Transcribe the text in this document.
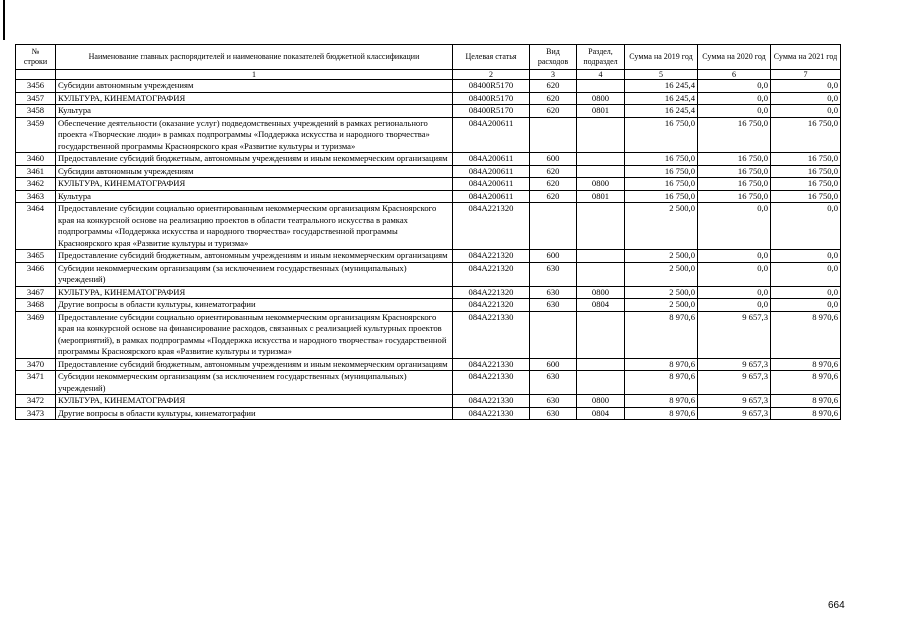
№
строки	Наименование главных распорядителей и наименование показателей бюджетной классификации	Целевая статья	Вид расходов	Раздел, подраздел	Сумма на 2019 год	Сумма на 2020 год	Сумма на 2021 год
	1	2	3	4	5	6	7
3456	Субсидии автономным учреждениям	08400R5170	620		16 245,4	0,0	0,0
3457	КУЛЬТУРА, КИНЕМАТОГРАФИЯ	08400R5170	620	0800	16 245,4	0,0	0,0
3458	Культура	08400R5170	620	0801	16 245,4	0,0	0,0
3459	Обеспечение деятельности (оказание услуг) подведомственных учреждений в рамках регионального проекта «Творческие люди» в рамках подпрограммы «Поддержка искусства и народного творчества» государственной программы Красноярского края «Развитие культуры и туризма»	084A200611			16 750,0	16 750,0	16 750,0
3460	Предоставление субсидий бюджетным, автономным учреждениям и иным некоммерческим организациям	084A200611	600		16 750,0	16 750,0	16 750,0
3461	Субсидии автономным учреждениям	084A200611	620		16 750,0	16 750,0	16 750,0
3462	КУЛЬТУРА, КИНЕМАТОГРАФИЯ	084A200611	620	0800	16 750,0	16 750,0	16 750,0
3463	Культура	084A200611	620	0801	16 750,0	16 750,0	16 750,0
3464	Предоставление субсидии социально ориентированным некоммерческим организациям Красноярского края на конкурсной основе на реализацию проектов в области театрального искусства в рамках подпрограммы «Поддержка искусства и народного творчества» государственной программы Красноярского края «Развитие культуры и туризма»	084A221320			2 500,0	0,0	0,0
3465	Предоставление субсидий бюджетным, автономным учреждениям и иным некоммерческим организациям	084A221320	600		2 500,0	0,0	0,0
3466	Субсидии некоммерческим организациям (за исключением государственных (муниципальных) учреждений)	084A221320	630		2 500,0	0,0	0,0
3467	КУЛЬТУРА, КИНЕМАТОГРАФИЯ	084A221320	630	0800	2 500,0	0,0	0,0
3468	Другие вопросы в области культуры, кинематографии	084A221320	630	0804	2 500,0	0,0	0,0
3469	Предоставление субсидии социально ориентированным некоммерческим организациям Красноярского края на конкурсной основе на финансирование расходов, связанных с реализацией культурных проектов (мероприятий), в рамках подпрограммы «Поддержка искусства и народного творчества» государственной программы Красноярского края «Развитие культуры и туризма»	084A221330			8 970,6	9 657,3	8 970,6
3470	Предоставление субсидий бюджетным, автономным учреждениям и иным некоммерческим организациям	084A221330	600		8 970,6	9 657,3	8 970,6
3471	Субсидии некоммерческим организациям (за исключением государственных (муниципальных) учреждений)	084A221330	630		8 970,6	9 657,3	8 970,6
3472	КУЛЬТУРА, КИНЕМАТОГРАФИЯ	084A221330	630	0800	8 970,6	9 657,3	8 970,6
3473	Другие вопросы в области культуры, кинематографии	084A221330	630	0804	8 970,6	9 657,3	8 970,6
664
